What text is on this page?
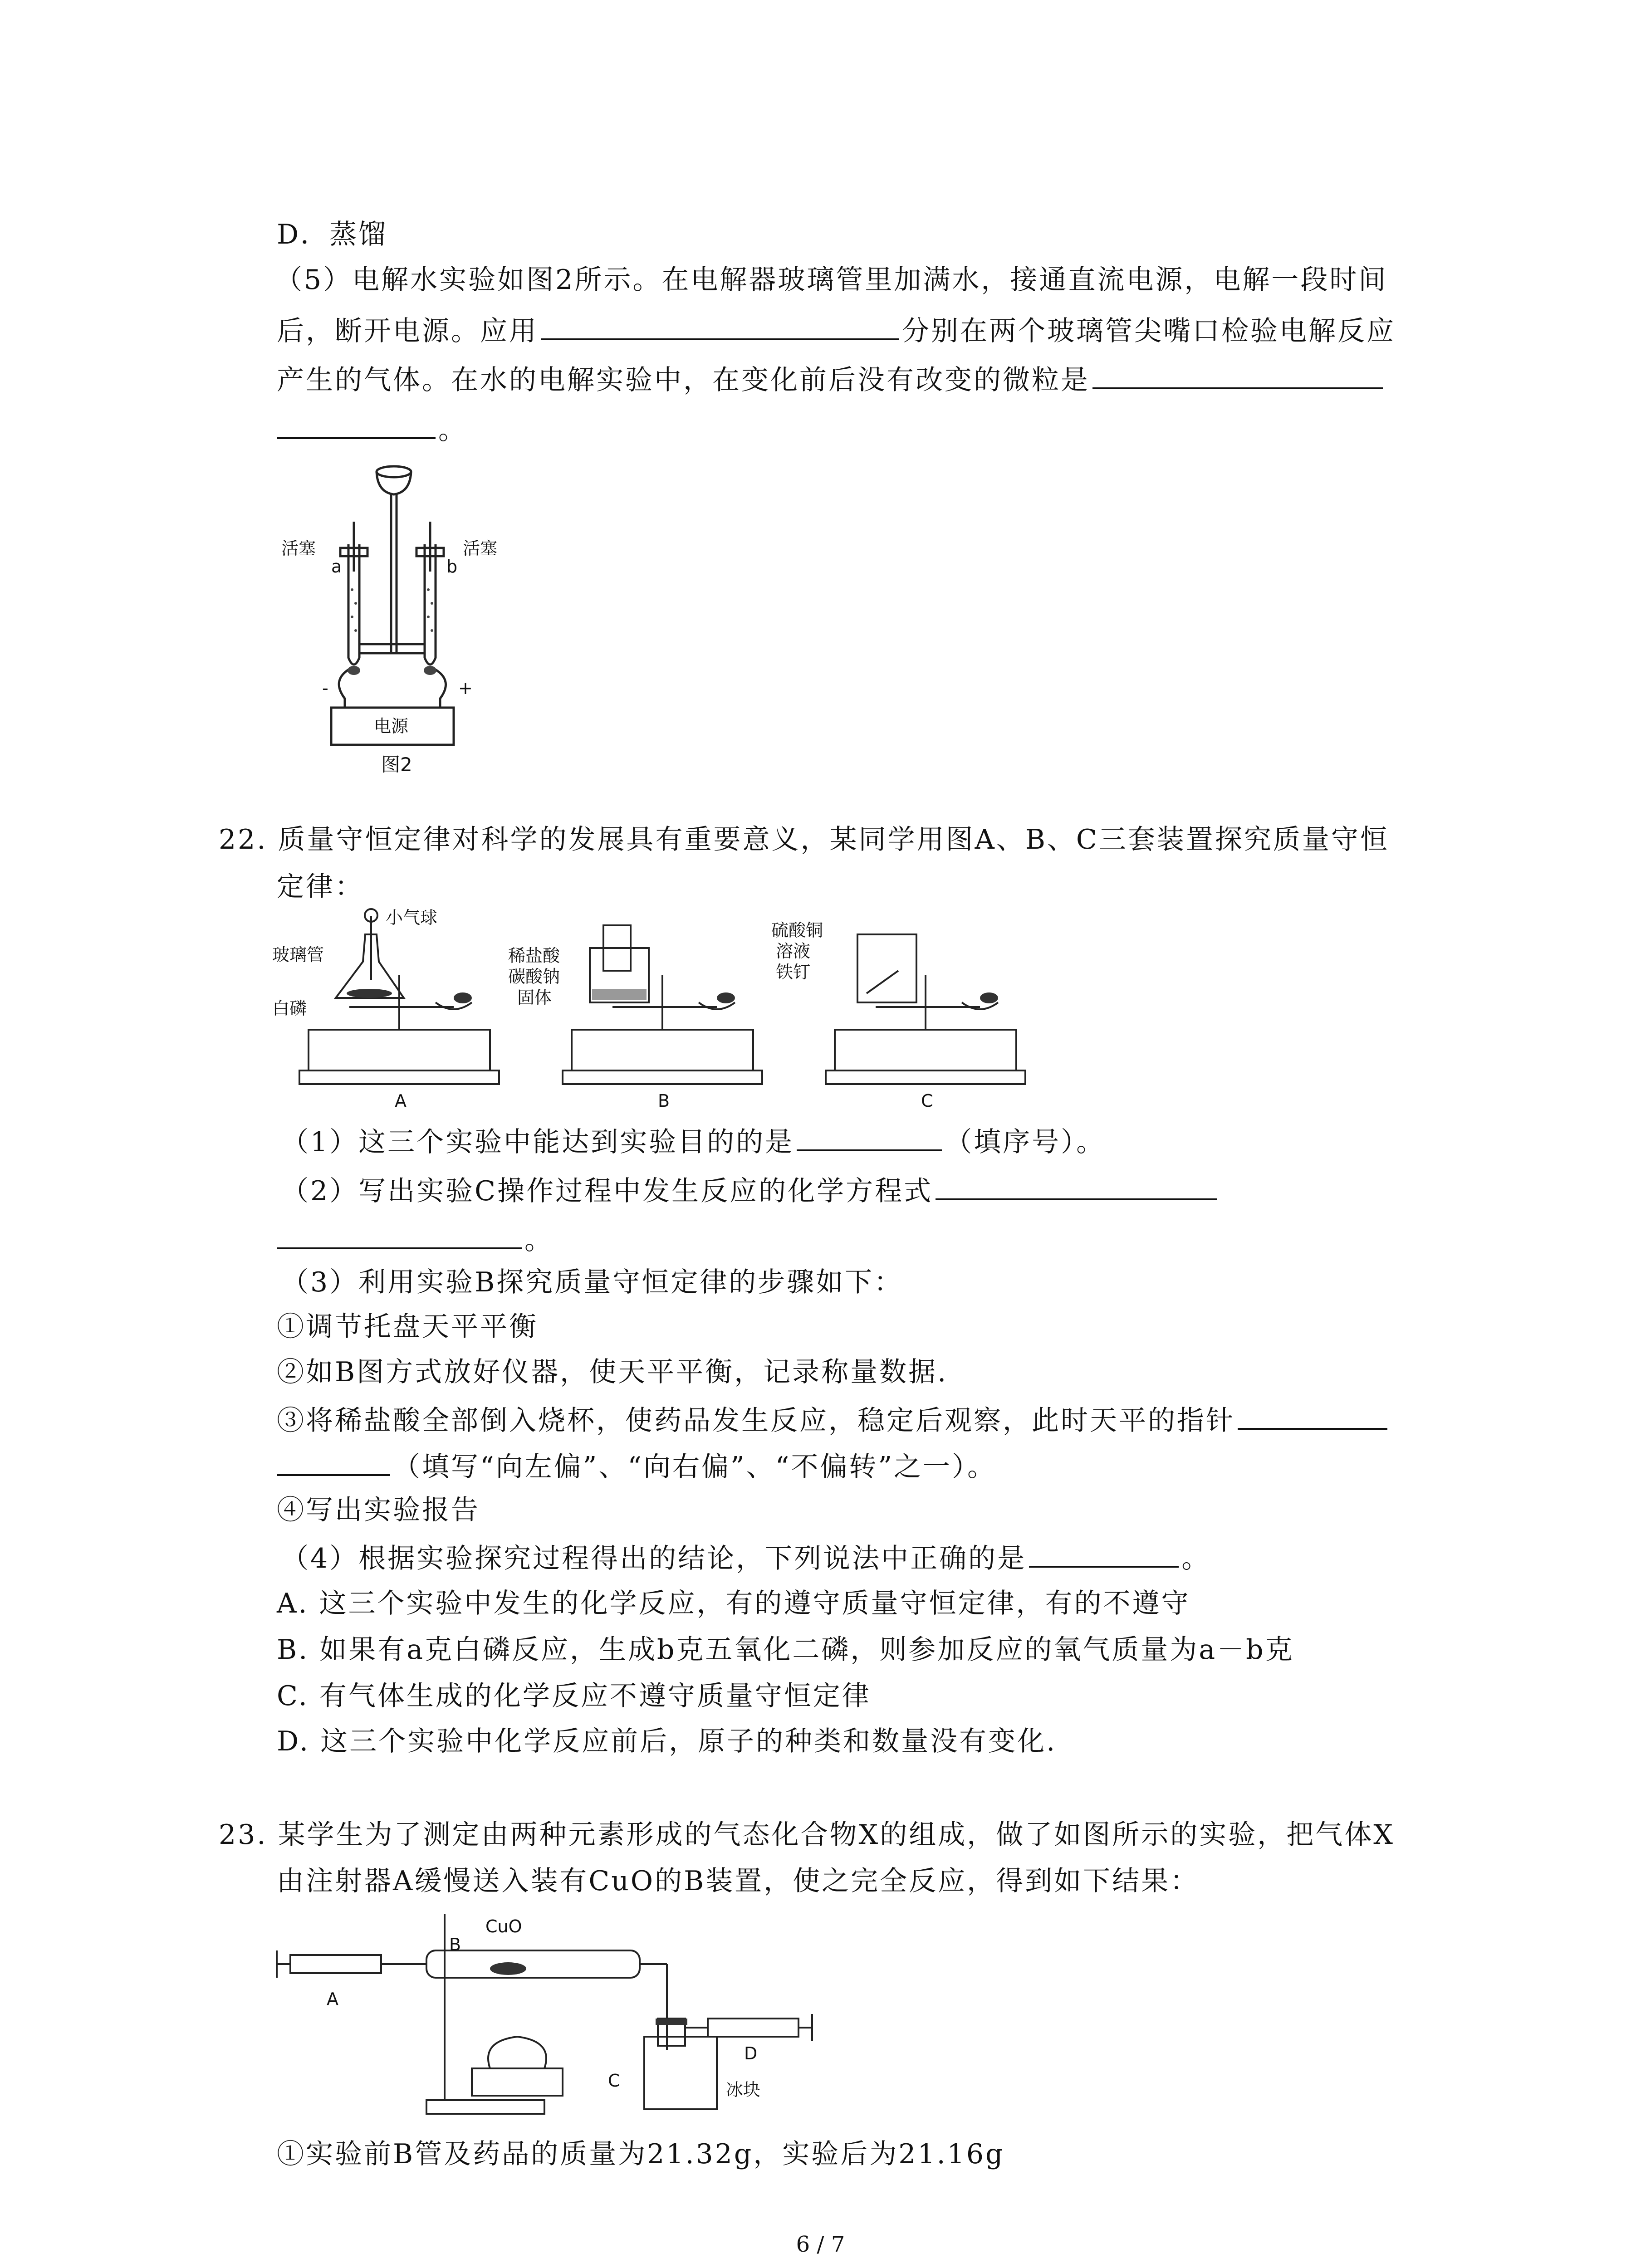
D．蒸馏
（5）电解水实验如图2所示。在电解器玻璃管里加满水，接通直流电源，电解一段时间
后，断开电源。应用	分别在两个玻璃管尖嘴口检验电解反应
产生的气体。在水的电解实验中，在变化前后没有改变的微粒是
。
活塞	活塞
a	b
-	+
电源
图2
22. 质量守恒定律对科学的发展具有重要意义，某同学用图A、B、C三套装置探究质量守恒
定律：
小气球
玻璃管
白磷
稀盐酸
碳酸钠
固体
硫酸铜
溶液
铁钉
A	B	C
（1）这三个实验中能达到实验目的的是	（填序号）。
（2）写出实验C操作过程中发生反应的化学方程式
。
（3）利用实验B探究质量守恒定律的步骤如下：
①调节托盘天平平衡
②如B图方式放好仪器，使天平平衡，记录称量数据.
③将稀盐酸全部倒入烧杯，使药品发生反应，稳定后观察，此时天平的指针
（填写“向左偏”、“向右偏”、“不偏转”之一）。
④写出实验报告
（4）根据实验探究过程得出的结论，下列说法中正确的是	。
A. 这三个实验中发生的化学反应，有的遵守质量守恒定律，有的不遵守
B. 如果有a克白磷反应，生成b克五氧化二磷，则参加反应的氧气质量为a－b克
C. 有气体生成的化学反应不遵守质量守恒定律
D. 这三个实验中化学反应前后，原子的种类和数量没有变化.
23. 某学生为了测定由两种元素形成的气态化合物X的组成，做了如图所示的实验，把气体X
由注射器A缓慢送入装有CuO的B装置，使之完全反应，得到如下结果：
B
CuO
A
C
D
冰块
①实验前B管及药品的质量为21.32g，实验后为21.16g
6 / 7
